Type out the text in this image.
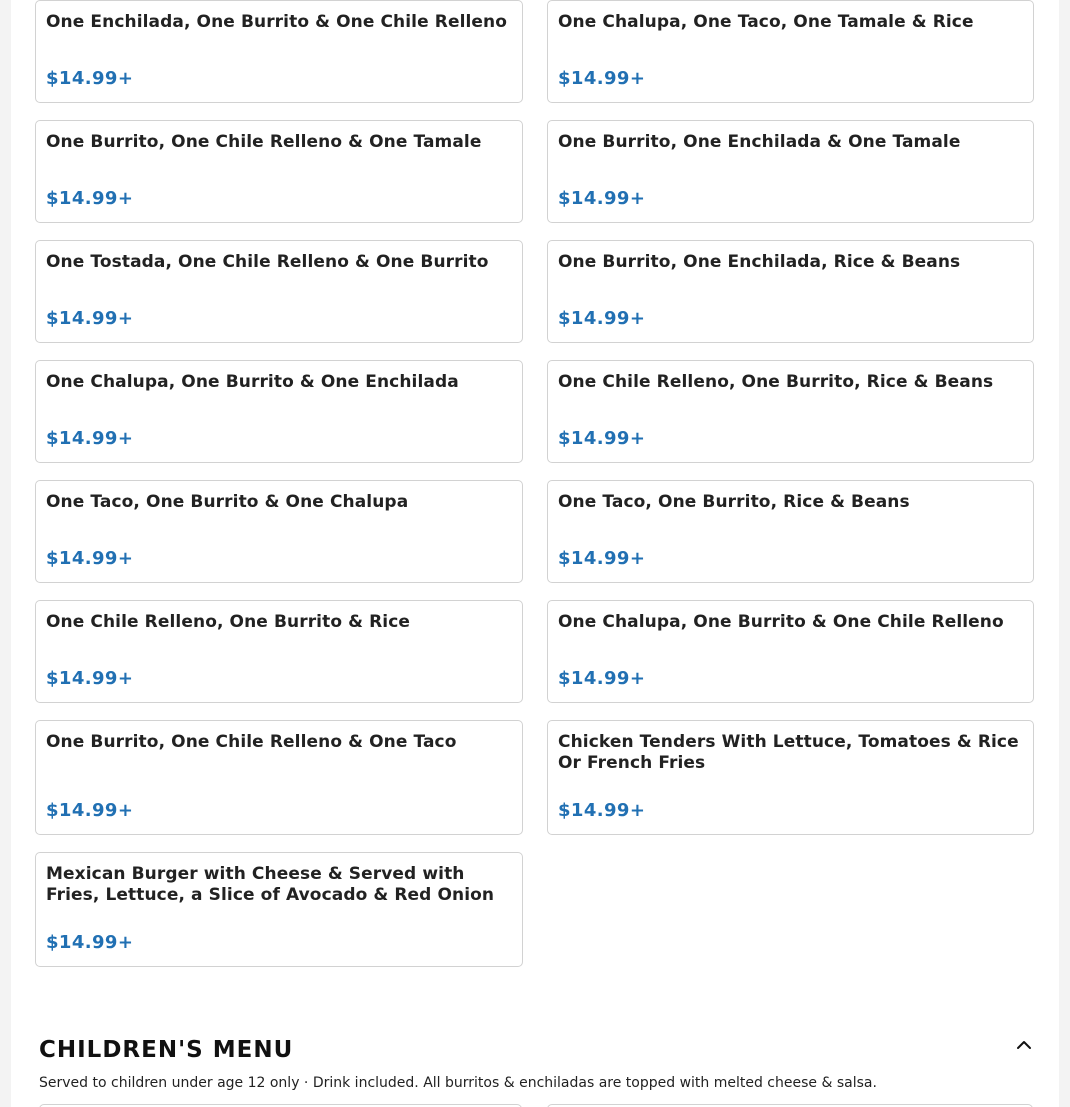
One Enchilada, One Burrito & One Chile Relleno
$14.99+
One Chalupa, One Taco, One Tamale & Rice
$14.99+
One Burrito, One Chile Relleno & One Tamale
$14.99+
One Burrito, One Enchilada & One Tamale
$14.99+
One Tostada, One Chile Relleno & One Burrito
$14.99+
One Burrito, One Enchilada, Rice & Beans
$14.99+
One Chalupa, One Burrito & One Enchilada
$14.99+
One Chile Relleno, One Burrito, Rice & Beans
$14.99+
One Taco, One Burrito & One Chalupa
$14.99+
One Taco, One Burrito, Rice & Beans
$14.99+
One Chile Relleno, One Burrito & Rice
$14.99+
One Chalupa, One Burrito & One Chile Relleno
$14.99+
One Burrito, One Chile Relleno & One Taco
$14.99+
Chicken Tenders With Lettuce, Tomatoes & Rice Or French Fries
$14.99+
Mexican Burger with Cheese & Served with Fries, Lettuce, a Slice of Avocado & Red Onion
$14.99+
CHILDREN'S MENU
Served to children under age 12 only · Drink included. All burritos & enchiladas are topped with melted cheese & salsa.
